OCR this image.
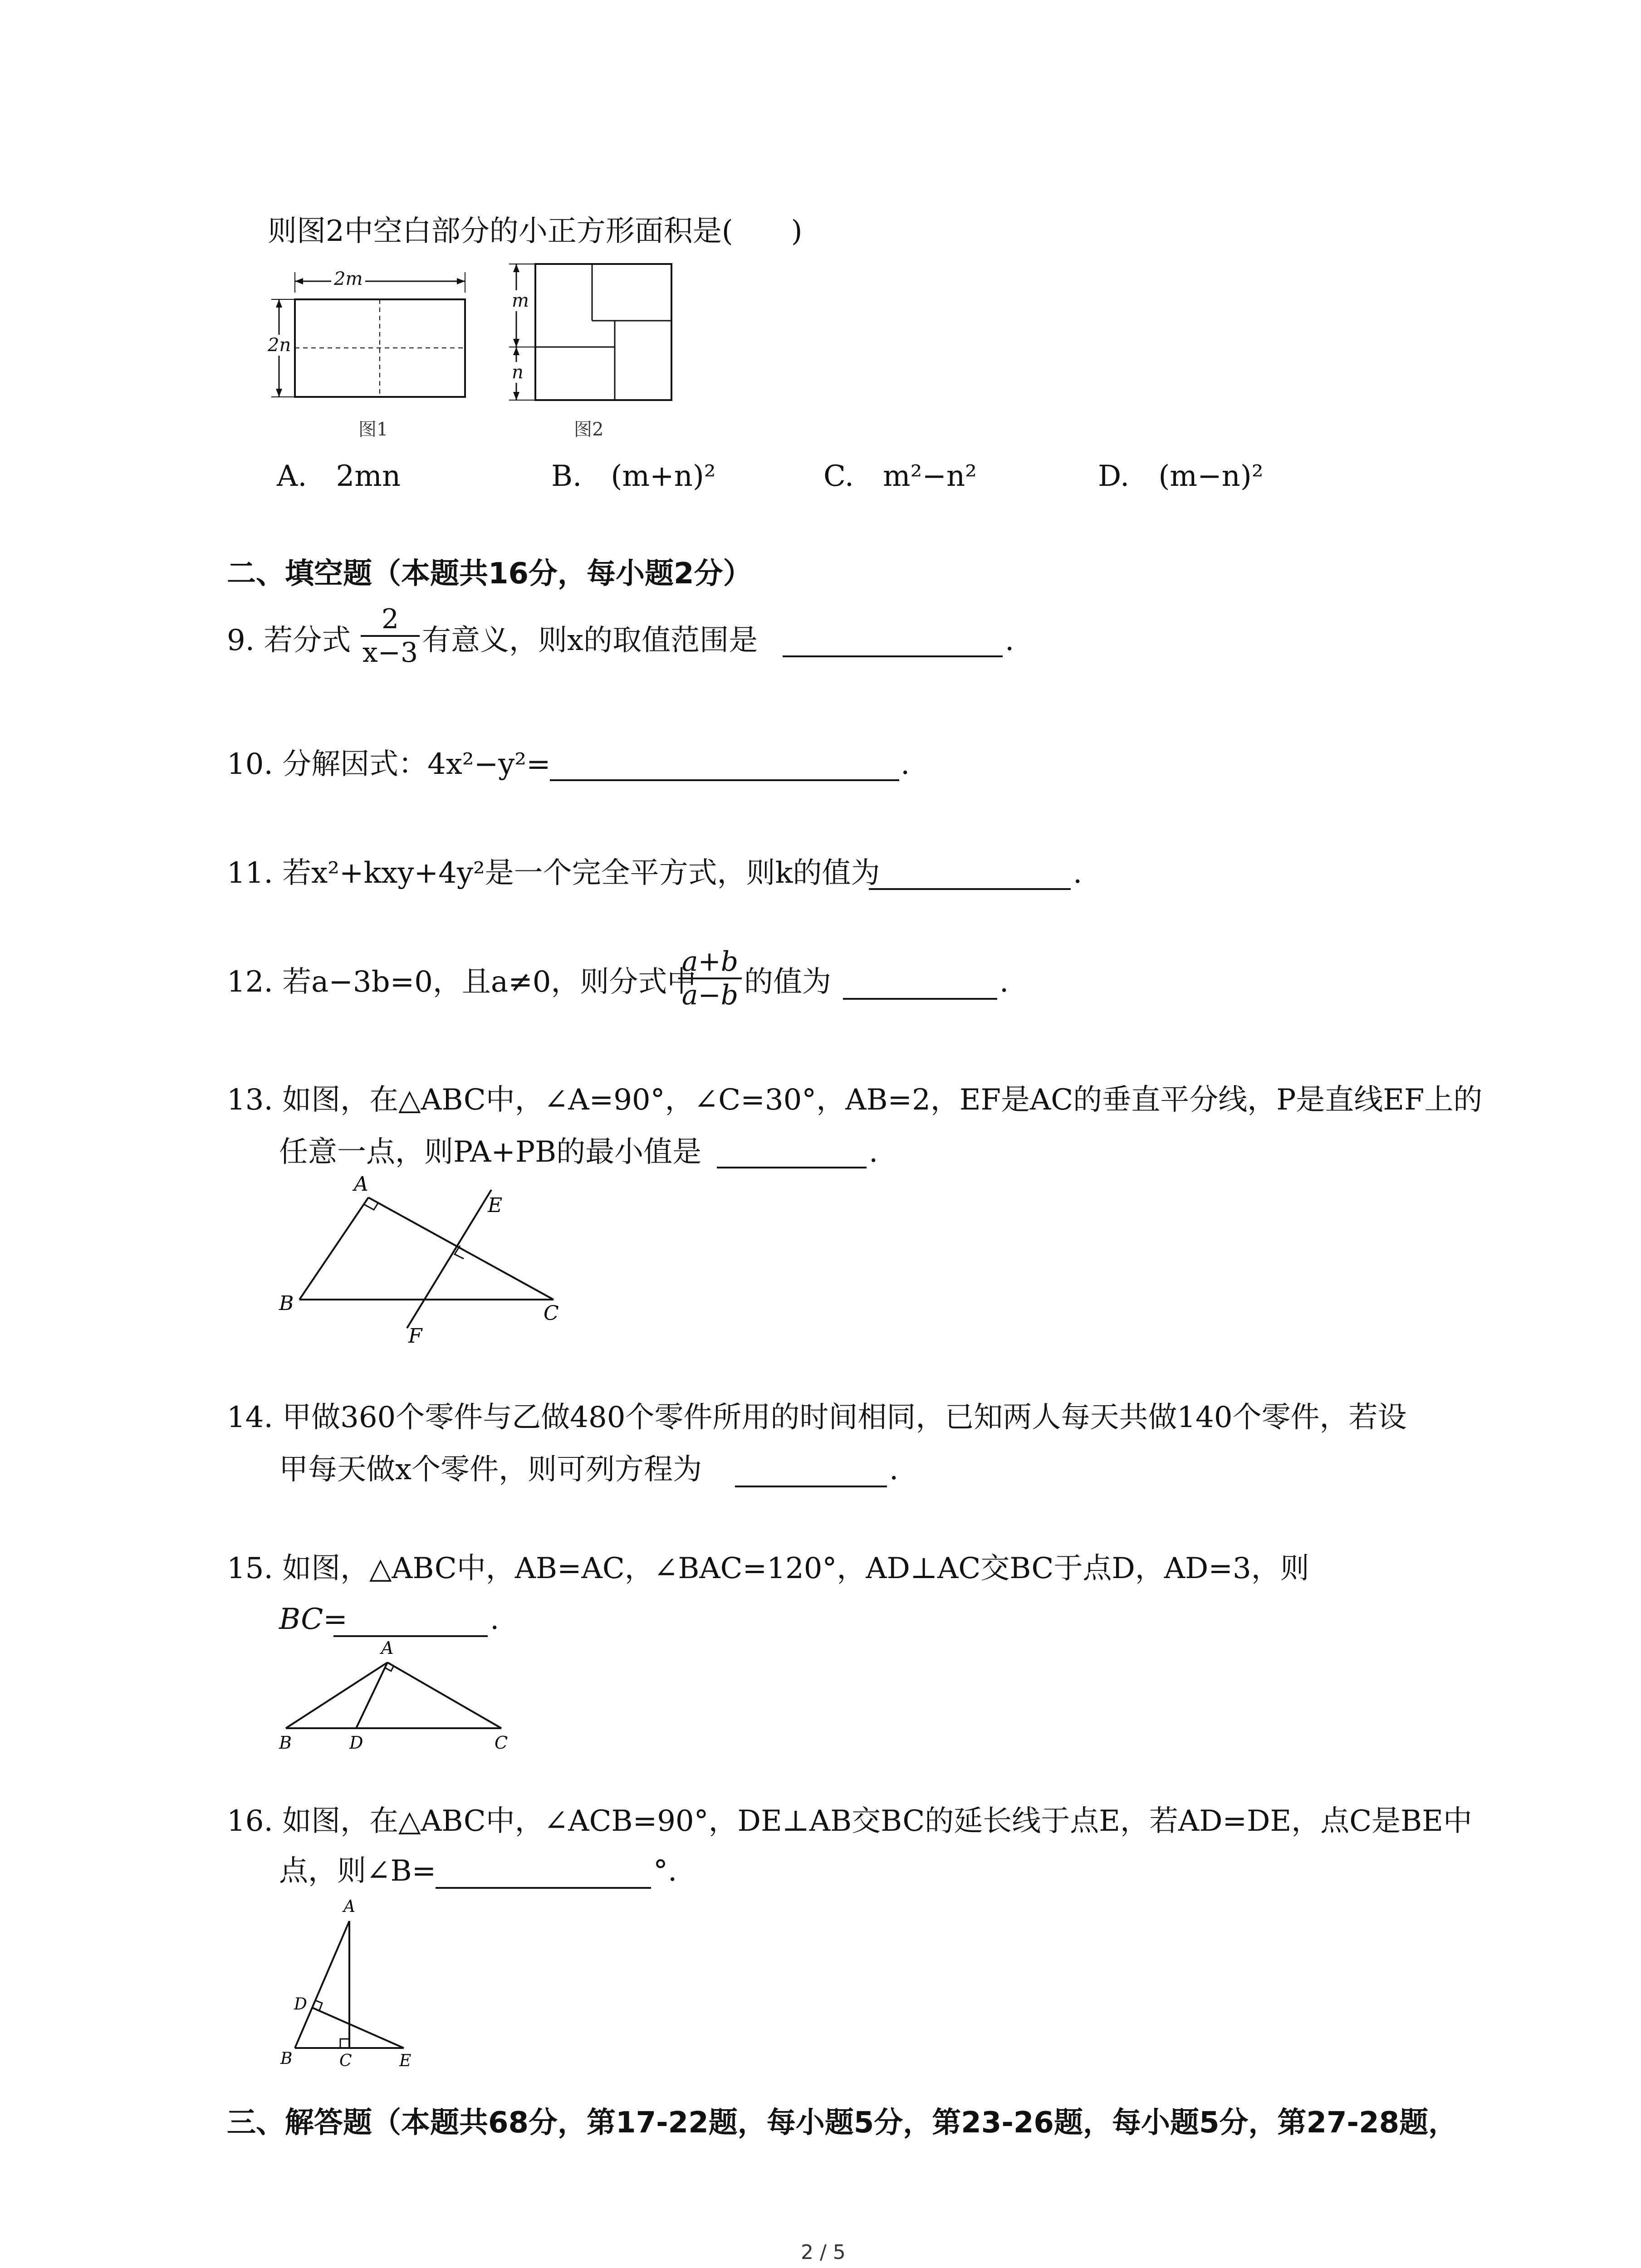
则图2中空白部分的小正方形面积是(　　)
2m
2n
图1
m
n
图2
A.　2mn	B.　(m+n)²	C.　m²−n²	D.　(m−n)²
二、填空题（本题共16分，每小题2分）
9. 若分式 $\frac{2}{x-3}$ 有意义，则x的取值范围是	.
10. 分解因式：4x²−y²=	.
11. 若x²+kxy+4y²是一个完全平方式，则k的值为	.
12. 若a−3b=0，且a≠0，则分式中
$\frac{a+b}{a-b}$ 的值为	.
13. 如图，在△ABC中，∠A=90°，∠C=30°，AB=2，EF是AC的垂直平分线，P是直线EF上的
任意一点，则PA+PB的最小值是	.
A
B	C
E
F
14. 甲做360个零件与乙做480个零件所用的时间相同，已知两人每天共做140个零件，若设
甲每天做x个零件，则可列方程为	.
15. 如图，△ABC中，AB=AC，∠BAC=120°，AD⊥AC交BC于点D，AD=3，则
BC=	.
A
B	D	C
16. 如图，在△ABC中，∠ACB=90°，DE⊥AB交BC的延长线于点E，若AD=DE，点C是BE中
点，则∠B=	°.
A
D
B	C	E
三、解答题（本题共68分，第17-22题，每小题5分，第23-26题，每小题5分，第27-28题，
2 / 5
